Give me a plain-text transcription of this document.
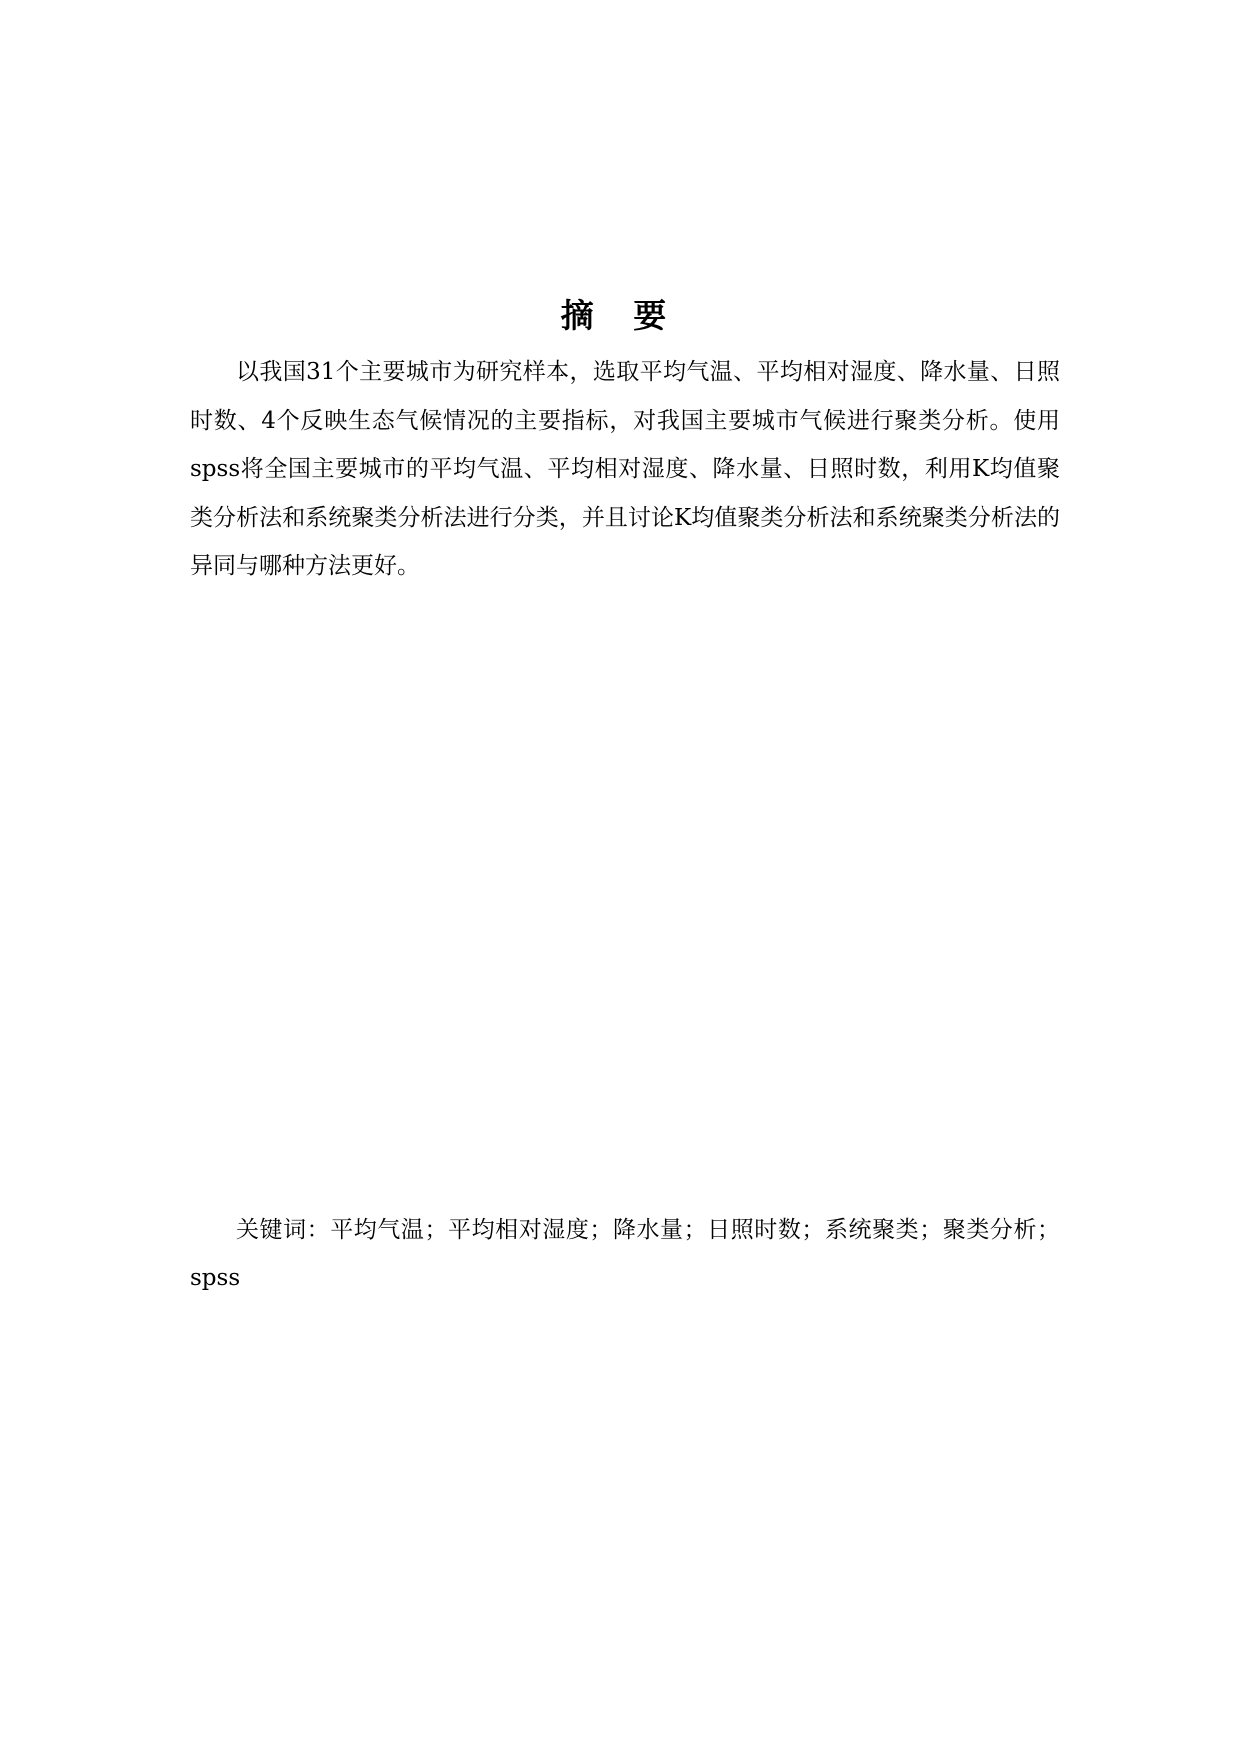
摘 要

以我国31个主要城市为研究样本，选取平均气温、平均相对湿度、降水量、日照时数、4个反映生态气候情况的主要指标，对我国主要城市气候进行聚类分析。使用spss将全国主要城市的平均气温、平均相对湿度、降水量、日照时数，利用K均值聚类分析法和系统聚类分析法进行分类，并且讨论K均值聚类分析法和系统聚类分析法的异同与哪种方法更好。

关键词：平均气温；平均相对湿度；降水量；日照时数；系统聚类；聚类分析；spss
